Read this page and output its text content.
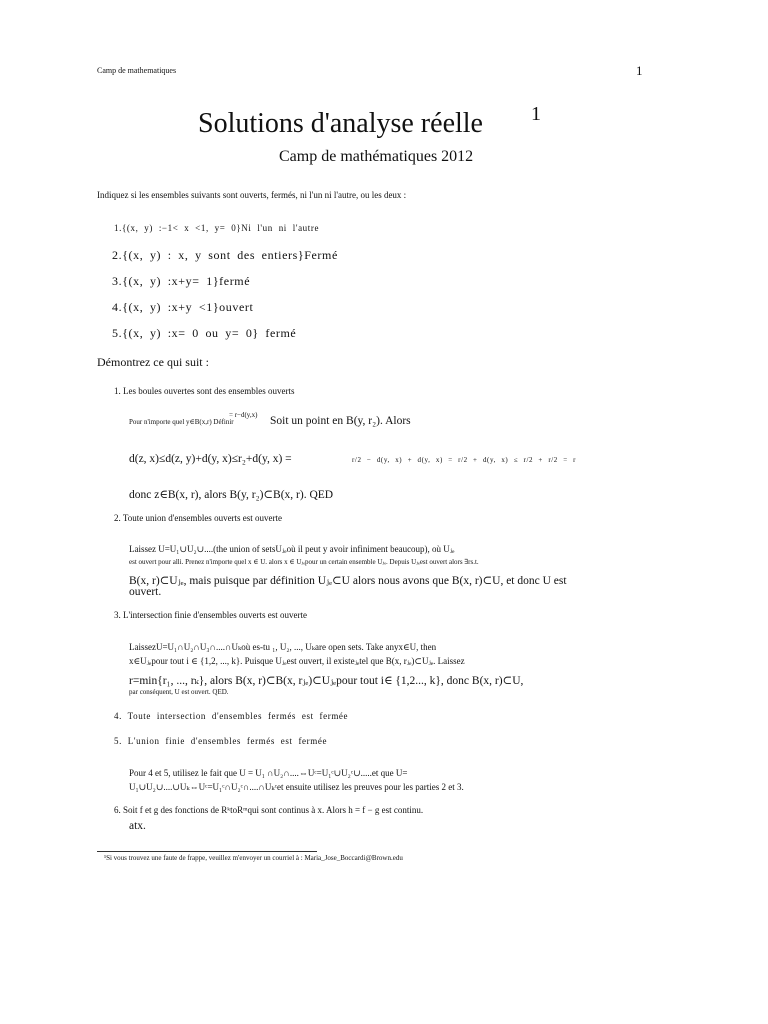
Camp de mathematiques	1
Solutions d'analyse réelle 1
Camp de mathématiques 2012
Indiquez si les ensembles suivants sont ouverts, fermés, ni l'un ni l'autre, ou les deux :
1.{(x, y) :−1< x <1, y= 0}Ni l'un ni l'autre
2.{(x, y) : x, y sont des entiers}Fermé
3.{(x, y) :x+y= 1}fermé
4.{(x, y) :x+y <1}ouvert
5.{(x, y) :x= 0 ou y= 0} fermé
Démontrez ce qui suit :
1. Les boules ouvertes sont des ensembles ouverts
Pour n'importe quel y∈B(x,r) Définir
= r−d(y,x) Soit un point en B(y, r₂). Alors
d(z, x)≤d(z, y)+d(y, x)≤r₂+d(y, x) =	r/2 − d(y, x) + d(y, x) = r/2 + d(y, x) ≤ r/2 + r/2 = r
donc z∈B(x, r), alors B(y, r₂)⊂B(x, r). QED
2. Toute union d'ensembles ouverts est ouverte
Laissez U=U₁∪U₂∪....(the union of setsUⱼₑoù il peut y avoir infiniment beaucoup), où Uⱼₑ
est ouvert pour alli. Prenez n'importe quel x ∈ U. alors x ∈ Uⱼₑpour un certain ensemble Uⱼₑ. Depuis Uⱼₑest ouvert alors ∃rs.t.
B(x, r)⊂Uⱼₑ, mais puisque par définition Uⱼₑ⊂U alors nous avons que B(x, r)⊂U, et donc U est
ouvert.
3. L'intersection finie d'ensembles ouverts est ouverte
LaissezU=U₁∩U₂∩U₃∩....∩Uₖoù es-tu ₁, U₂, ..., Uₖare open sets. Take anyx∈U, then
x∈Uⱼₑpour tout i ∈ {1,2, ..., k}. Puisque Uⱼₑest ouvert, il existeⱼₑtel que B(x, rⱼₑ)⊂Uⱼₑ. Laissez
r=min{r₁, ..., rₖ}, alors B(x, r)⊂B(x, rⱼₑ)⊂Uⱼₑpour tout i∈ {1,2..., k}, donc B(x, r)⊂U,
par conséquent, U est ouvert. QED.
4. Toute intersection d'ensembles fermés est fermée
5. L'union finie d'ensembles fermés est fermée
Pour 4 et 5, utilisez le fait que U = U₁ ∩U₂∩....⇔Uᶜ=U₁ᶜ∪U₂ᶜ∪.....et que U=
U₁∪U₂∪....∪Uₖ⇔Uᶜ=U₁ᶜ∩U₂ᶜ∩....∩Uₖᶜet ensuite utilisez les preuves pour les parties 2 et 3.
6. Soit f et g des fonctions de RᵏtoRᵐqui sont continus à x. Alors h = f − g est continu.
atx.
¹Si vous trouvez une faute de frappe, veuillez m'envoyer un courriel à : Maria_Jose_Boccardi@Brown.edu
